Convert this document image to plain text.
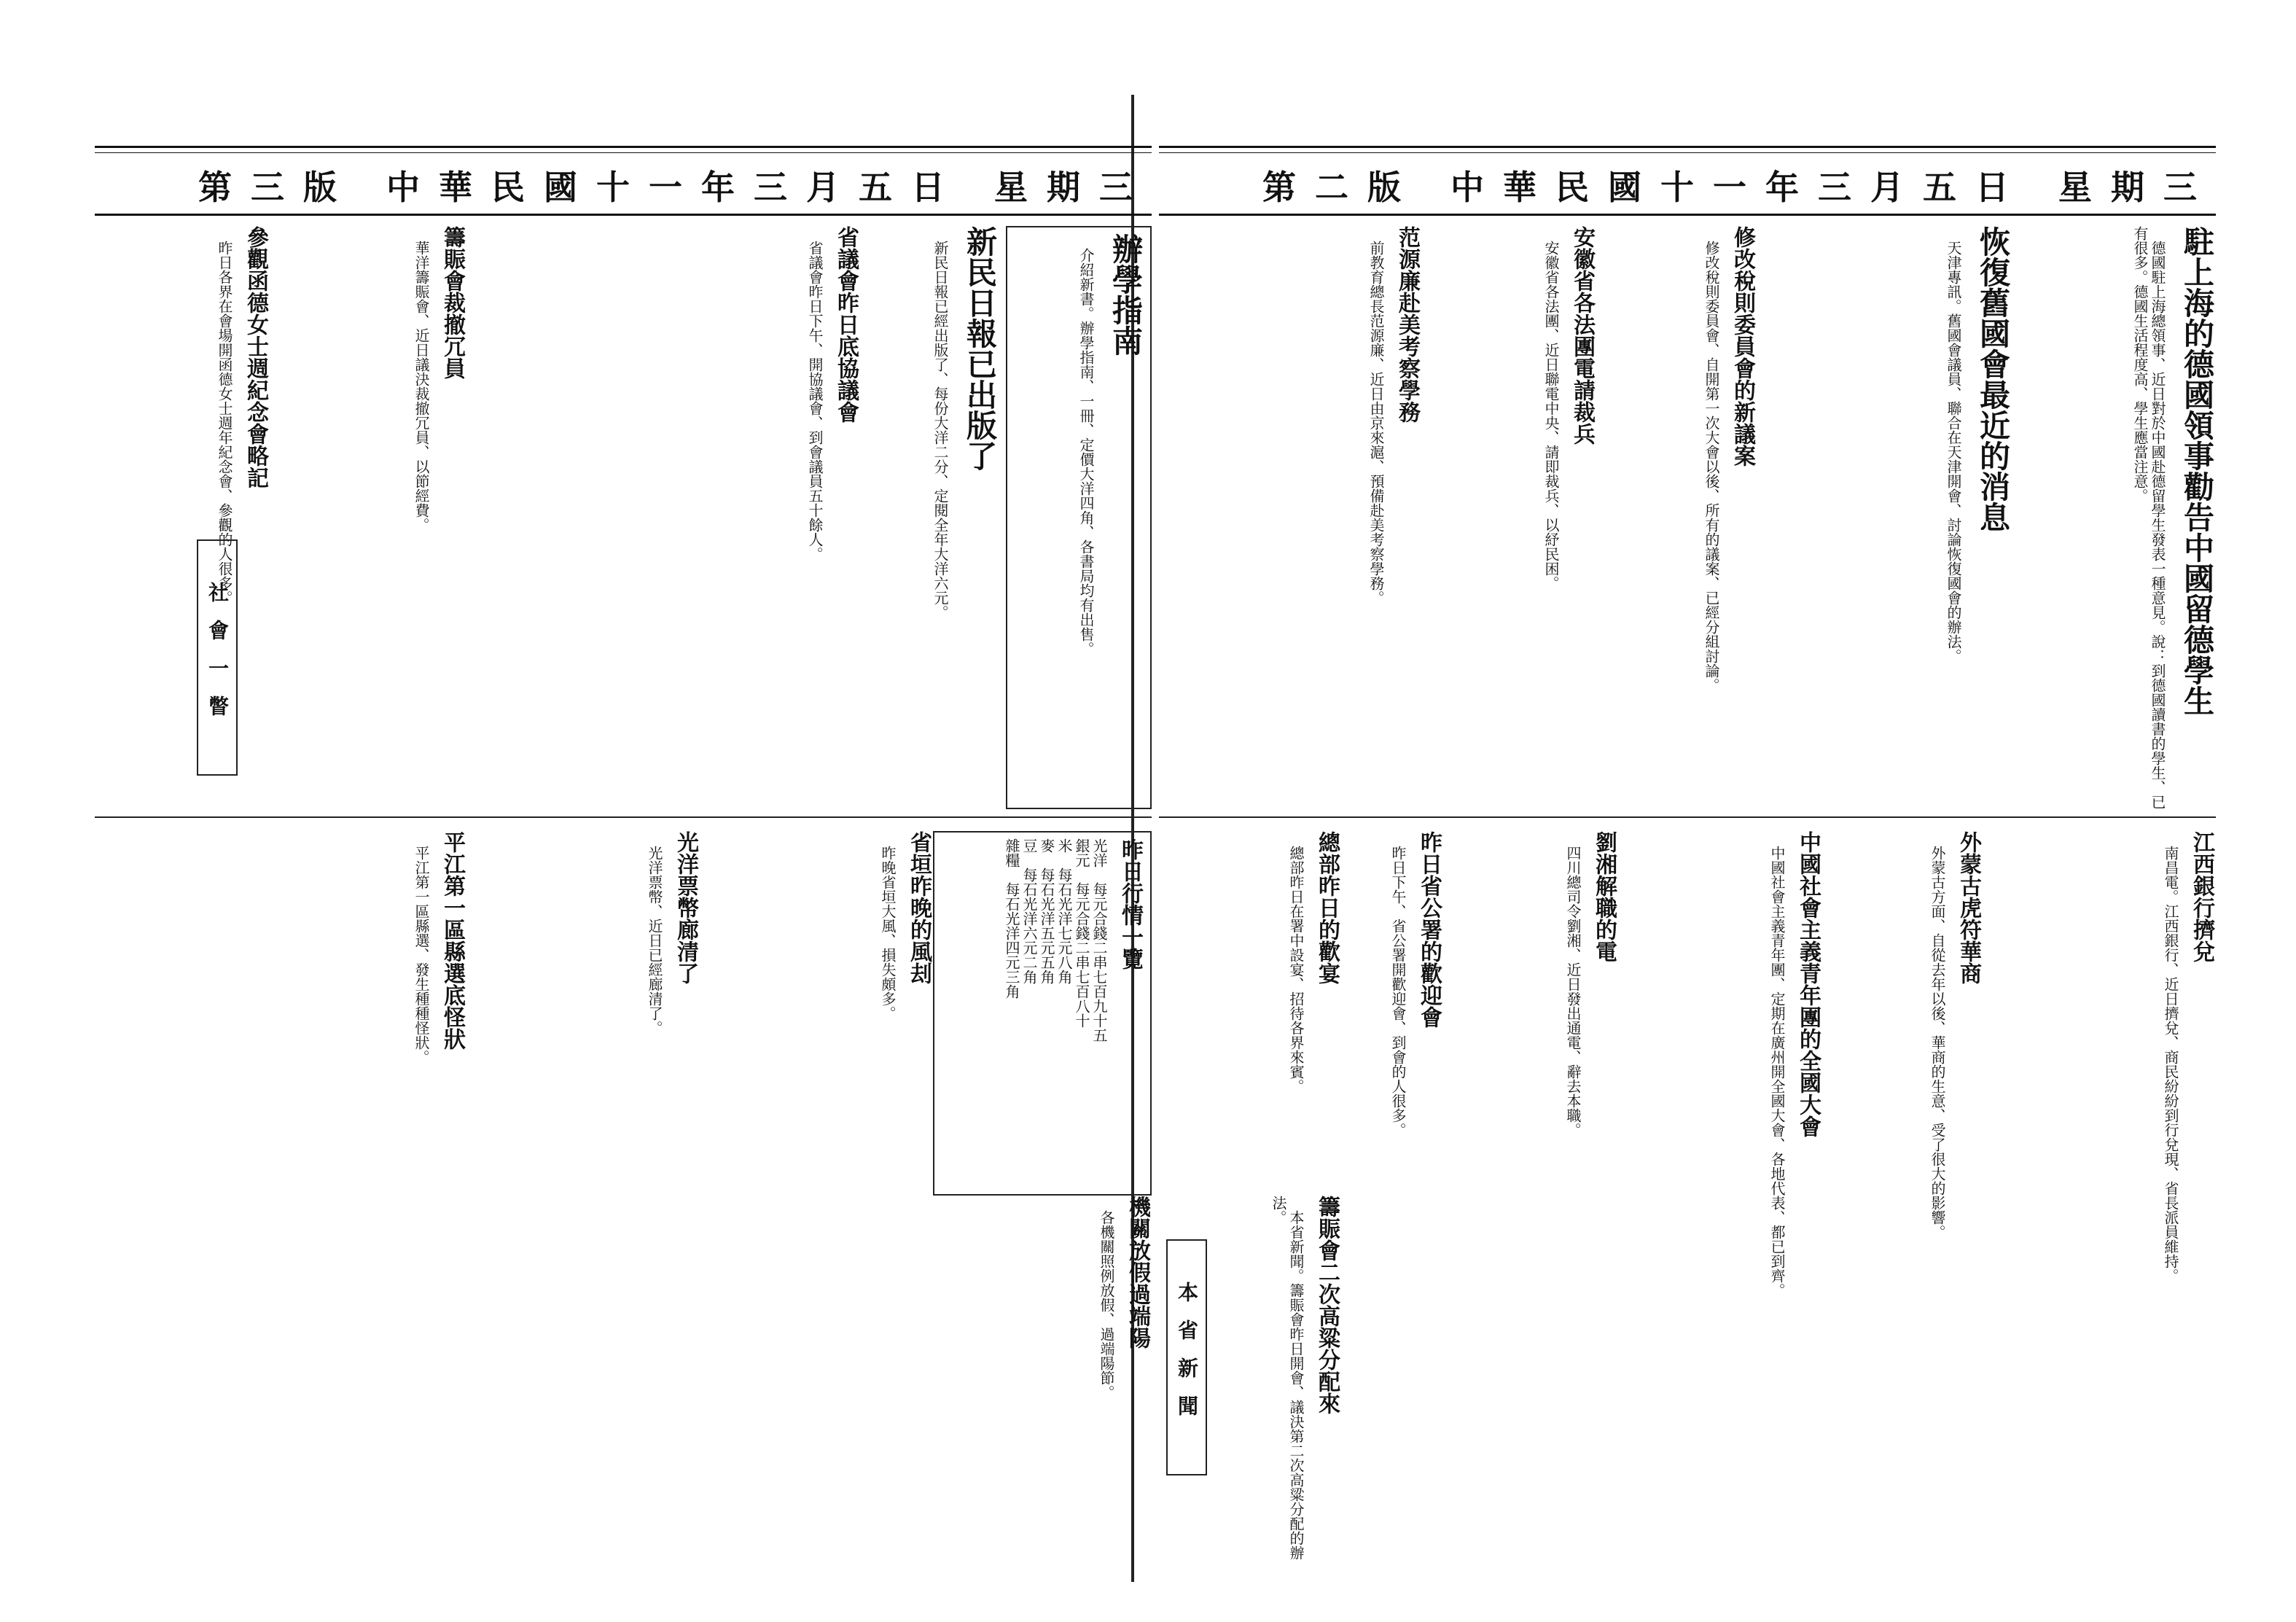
第二版 中華民國十一年三月五日 星期三
駐上海的德國領事勸告中國留德學生

德國駐上海總領事、近日對於中國赴德留學生發表一種意見。說：到德國讀書的學生、已有很多。德國生活程度高、學生應當注意。

恢復舊國會最近的消息

天津專訊。舊國會議員、聯合在天津開會、討論恢復國會的辦法。

修改稅則委員會的新議案

修改稅則委員會、自開第一次大會以後、所有的議案、已經分組討論。

安徽省各法團電請裁兵

安徽省各法團、近日聯電中央、請即裁兵、以紓民困。

范源廉赴美考察學務

前教育總長范源廉、近日由京來滬、預備赴美考察學務。

江西銀行擠兌

南昌電。江西銀行、近日擠兌、商民紛紛到行兌現、省長派員維持。

外蒙古虎符華商

外蒙古方面、自從去年以後、華商的生意、受了很大的影響。

中國社會主義青年團的全國大會

中國社會主義青年團、定期在廣州開全國大會、各地代表、都已到齊。

劉湘解職的電

四川總司令劉湘、近日發出通電、辭去本職。

昨日省公署的歡迎會

昨日下午、省公署開歡迎會、到會的人很多。

總部昨日的歡宴

總部昨日在署中設宴、招待各界來賓。

籌賑會二次高粱分配來

本省新聞。籌賑會昨日開會、議決第二次高粱分配的辦法。

本省新聞
第三版 中華民國十一年三月五日 星期三
辦學指南

介紹新書。辦學指南、一冊、定價大洋四角、各書局均有出售。

新民日報已出版了

新民日報已經出版了、每份大洋二分、定閱全年大洋六元。

省議會昨日底協議會

省議會昨日下午、開協議會、到會議員五十餘人。

籌賑會裁撤冗員

華洋籌賑會、近日議決裁撤冗員、以節經費。

參觀函德女士週紀念會略記

昨日各界在會場開函德女士週年紀念會、參觀的人很多。

社會一瞥
昨日行情一覽
光洋　每元合錢二串七百九十五
銀元　每元合錢二串七百八十
米　每石光洋七元八角
麥　每石光洋五元五角
豆　每石光洋六元二角
雜糧　每石光洋四元三角
機關放假過端陽

各機關照例放假、過端陽節。

省垣昨晚的風刦

昨晚省垣大風、損失頗多。

光洋票幣廊清了

光洋票幣、近日已經廊清了。

平江第一區縣選底怪狀

平江第一區縣選、發生種種怪狀。
